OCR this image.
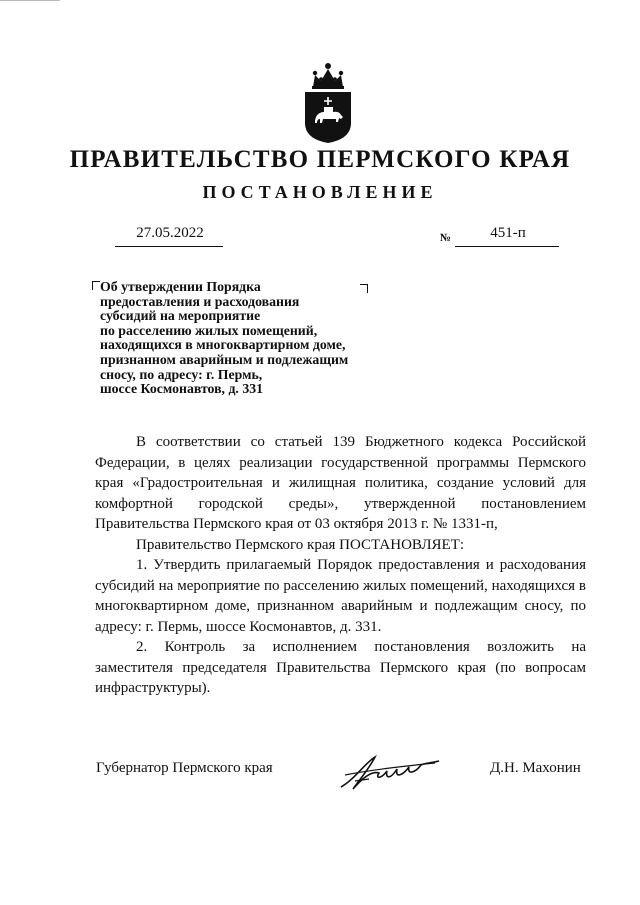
ПРАВИТЕЛЬСТВО ПЕРМСКОГО КРАЯ
ПОСТАНОВЛЕНИЕ
27.05.2022	№	451-п
Об утверждении Порядка
предоставления и расходования
субсидий на мероприятие
по расселению жилых помещений,
находящихся в многоквартирном доме,
признанном аварийным и подлежащим
сносу, по адресу: г. Пермь,
шоссе Космонавтов, д. 331

В соответствии со статьей 139 Бюджетного кодекса Российской Федерации, в целях реализации государственной программы Пермского края «Градостроительная и жилищная политика, создание условий для комфортной городской среды», утвержденной постановлением Правительства Пермского края от 03 октября 2013 г. № 1331-п,

Правительство Пермского края ПОСТАНОВЛЯЕТ:

1. Утвердить прилагаемый Порядок предоставления и расходования субсидий на мероприятие по расселению жилых помещений, находящихся в многоквартирном доме, признанном аварийным и подлежащим сносу, по адресу: г. Пермь, шоссе Космонавтов, д. 331.

2. Контроль за исполнением постановления возложить на заместителя председателя Правительства Пермского края (по вопросам инфраструктуры).

Губернатор Пермского края	Д.Н. Махонин
